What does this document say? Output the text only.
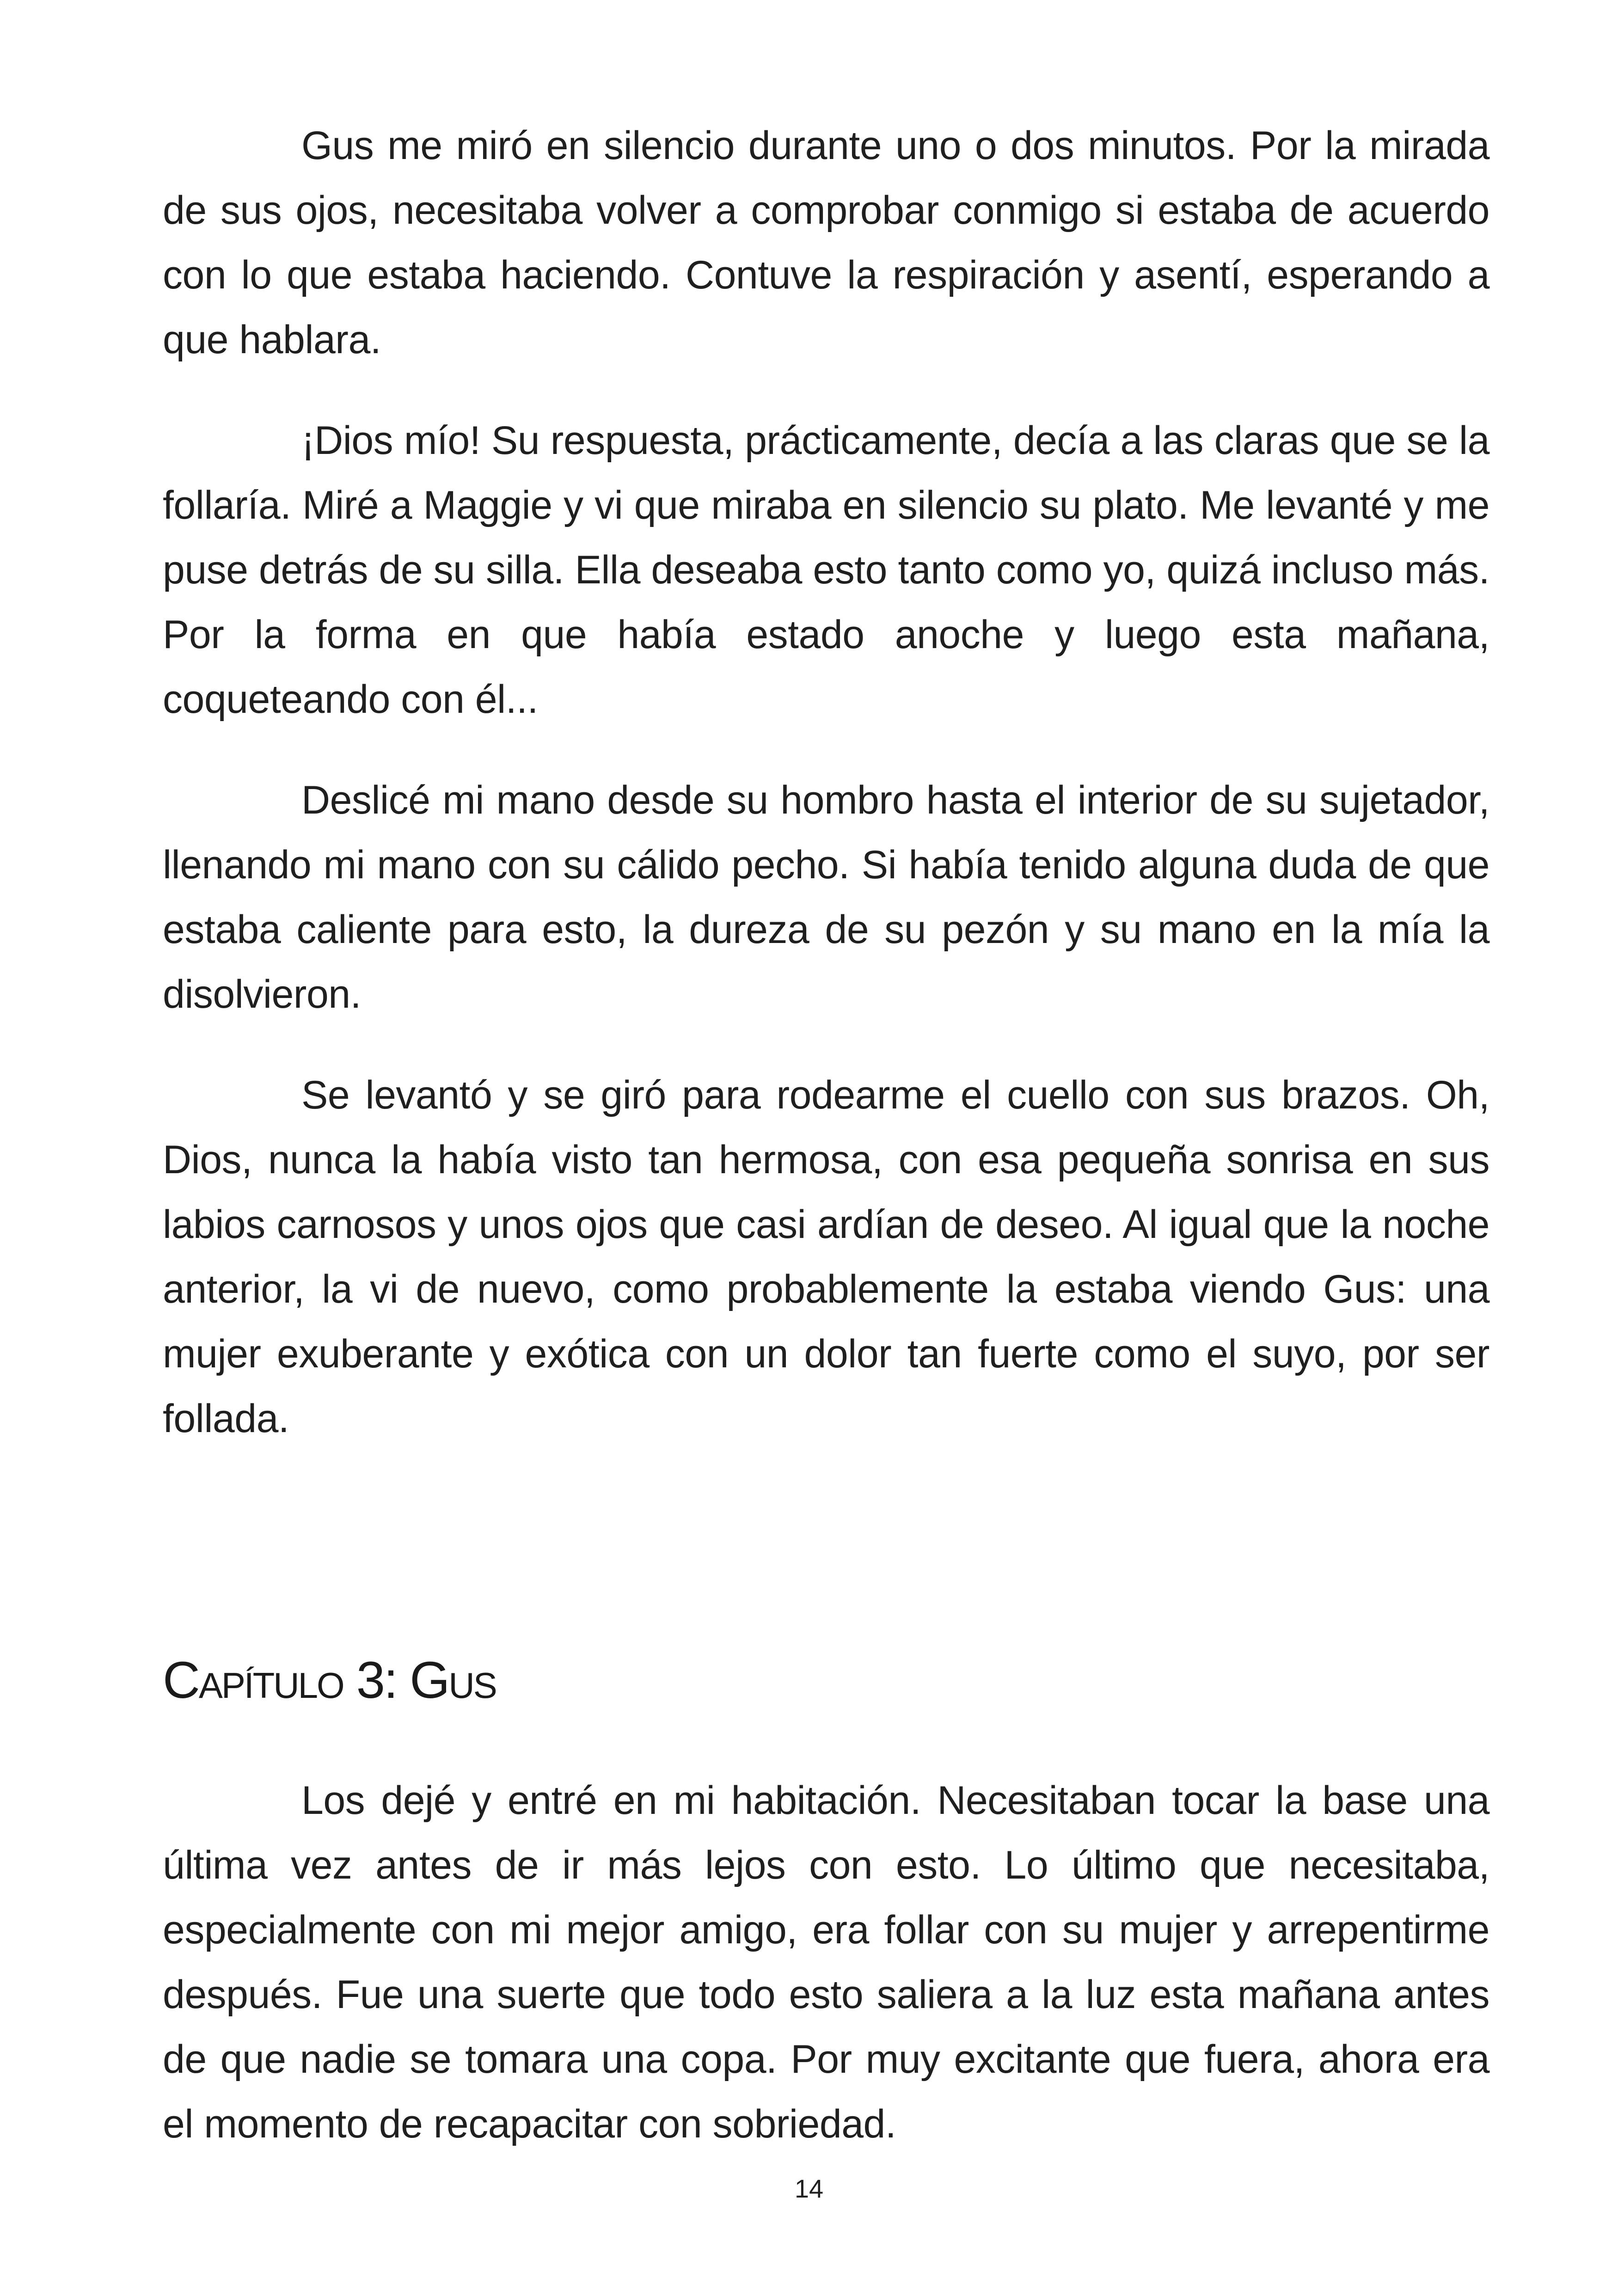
Gus me miró en silencio durante uno o dos minutos. Por la mirada de sus ojos, necesitaba volver a comprobar conmigo si estaba de acuerdo con lo que estaba haciendo. Contuve la respiración y asentí, esperando a que hablara.

¡Dios mío! Su respuesta, prácticamente, decía a las claras que se la follaría. Miré a Maggie y vi que miraba en silencio su plato. Me levanté y me puse detrás de su silla. Ella deseaba esto tanto como yo, quizá incluso más. Por la forma en que había estado anoche y luego esta mañana, coqueteando con él...

Deslicé mi mano desde su hombro hasta el interior de su sujetador, llenando mi mano con su cálido pecho. Si había tenido alguna duda de que estaba caliente para esto, la dureza de su pezón y su mano en la mía la disolvieron.

Se levantó y se giró para rodearme el cuello con sus brazos. Oh, Dios, nunca la había visto tan hermosa, con esa pequeña sonrisa en sus labios carnosos y unos ojos que casi ardían de deseo. Al igual que la noche anterior, la vi de nuevo, como probablemente la estaba viendo Gus: una mujer exuberante y exótica con un dolor tan fuerte como el suyo, por ser follada.

Capítulo 3: Gus

Los dejé y entré en mi habitación. Necesitaban tocar la base una última vez antes de ir más lejos con esto. Lo último que necesitaba, especialmente con mi mejor amigo, era follar con su mujer y arrepentirme después. Fue una suerte que todo esto saliera a la luz esta mañana antes de que nadie se tomara una copa. Por muy excitante que fuera, ahora era el momento de recapacitar con sobriedad.

14
